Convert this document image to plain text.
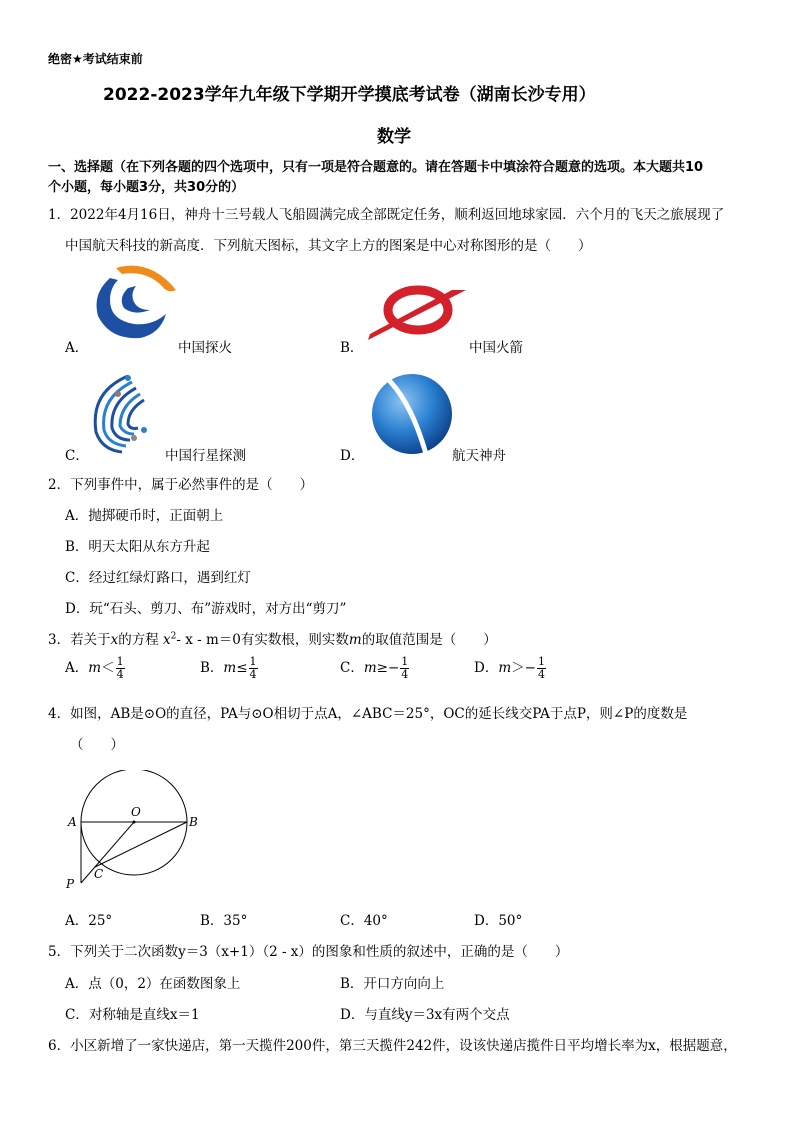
绝密★考试结束前
2022-2023学年九年级下学期开学摸底考试卷（湖南长沙专用）
数学
一、选择题（在下列各题的四个选项中，只有一项是符合题意的。请在答题卡中填涂符合题意的选项。本大题共10
个小题，每小题3分，共30分的）
1．2022年4月16日，神舟十三号载人飞船圆满完成全部既定任务，顺利返回地球家园．六个月的飞天之旅展现了
中国航天科技的新高度．下列航天图标，其文字上方的图案是中心对称图形的是（　　）
A．	中国探火	B．	中国火箭
C．	中国行星探测	D．	航天神舟
2．下列事件中，属于必然事件的是（　　）
A．抛掷硬币时，正面朝上
B．明天太阳从东方升起
C．经过红绿灯路口，遇到红灯
D．玩“石头、剪刀、布”游戏时，对方出“剪刀”
3．若关于x的方程 $x^2-$ x - m＝0有实数根，则实数m的取值范围是（　　）
A．$m< \frac{1}{4}$	B．$m\le \frac{1}{4}$	C．$m\ge- \frac{1}{4}$	D．$m>- \frac{1}{4}$
4．如图，AB是⊙O的直径，PA与⊙O相切于点A，∠ABC＝25°，OC的延长线交PA于点P，则∠P的度数是
（　　）
O
A	B
C
P
A．25°	B．35°	C．40°	D．50°
5．下列关于二次函数y＝3（x+1）（2 - x）的图象和性质的叙述中，正确的是（　　）
A．点（0，2）在函数图象上	B．开口方向向上
C．对称轴是直线x＝1	D．与直线y＝3x有两个交点
6．小区新增了一家快递店，第一天揽件200件，第三天揽件242件，设该快递店揽件日平均增长率为x，根据题意，
